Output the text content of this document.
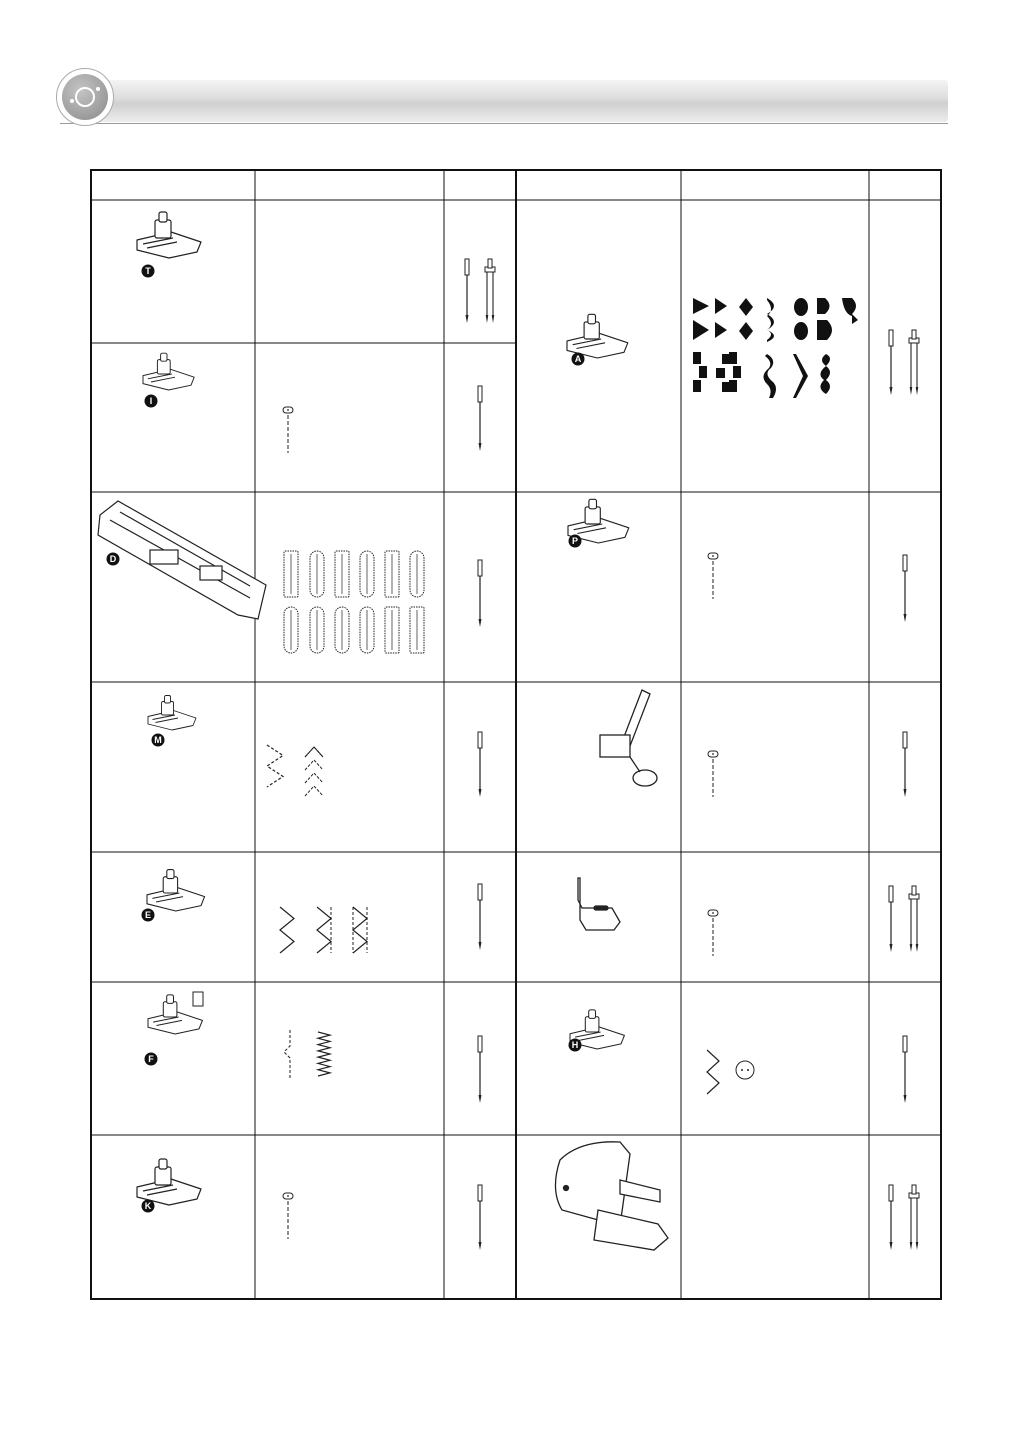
T
I
M
E
F
K
A
P
H
D
